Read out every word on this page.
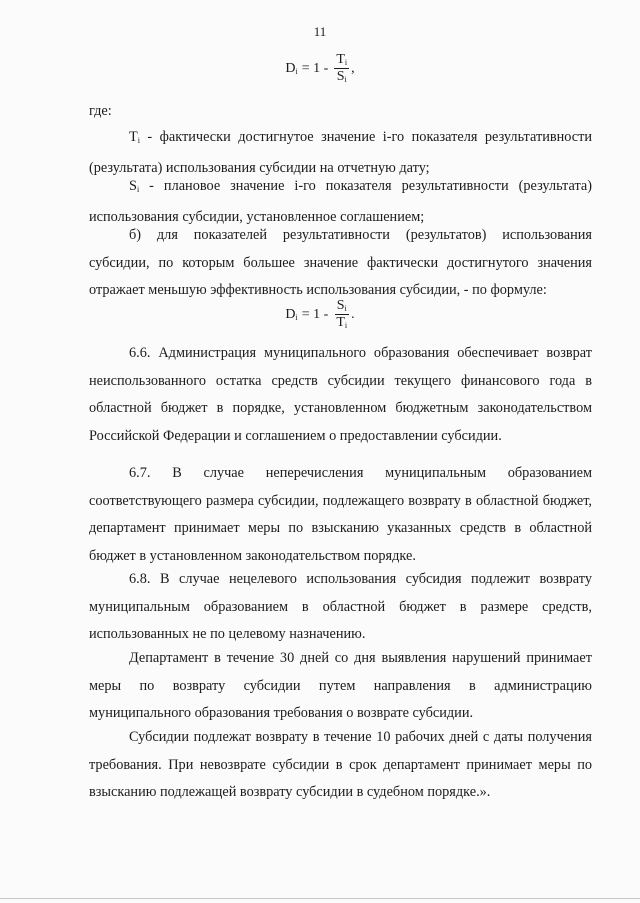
11
$D_i = 1 - \frac{T_i}{S_i}$ ,

где:

$T_i$ - фактически достигнутое значение i-го показателя результативности (результата) использования субсидии на отчетную дату;

$S_i$ - плановое значение i-го показателя результативности (результата) использования субсидии, установленное соглашением;

б) для показателей результативности (результатов) использования субсидии, по которым большее значение фактически достигнутого значения отражает меньшую эффективность использования субсидии, - по формуле:

$D_i = 1 - \frac{S_i}{T_i}$ .

6.6. Администрация муниципального образования обеспечивает возврат неиспользованного остатка средств субсидии текущего финансового года в областной бюджет в порядке, установленном бюджетным законодательством Российской Федерации и соглашением о предоставлении субсидии.

6.7. В случае неперечисления муниципальным образованием соответствующего размера субсидии, подлежащего возврату в областной бюджет, департамент принимает меры по взысканию указанных средств в областной бюджет в установленном законодательством порядке.

6.8. В случае нецелевого использования субсидия подлежит возврату муниципальным образованием в областной бюджет в размере средств, использованных не по целевому назначению.

Департамент в течение 30 дней со дня выявления нарушений принимает меры по возврату субсидии путем направления в администрацию муниципального образования требования о возврате субсидии.

Субсидии подлежат возврату в течение 10 рабочих дней с даты получения требования. При невозврате субсидии в срок департамент принимает меры по взысканию подлежащей возврату субсидии в судебном порядке.».
